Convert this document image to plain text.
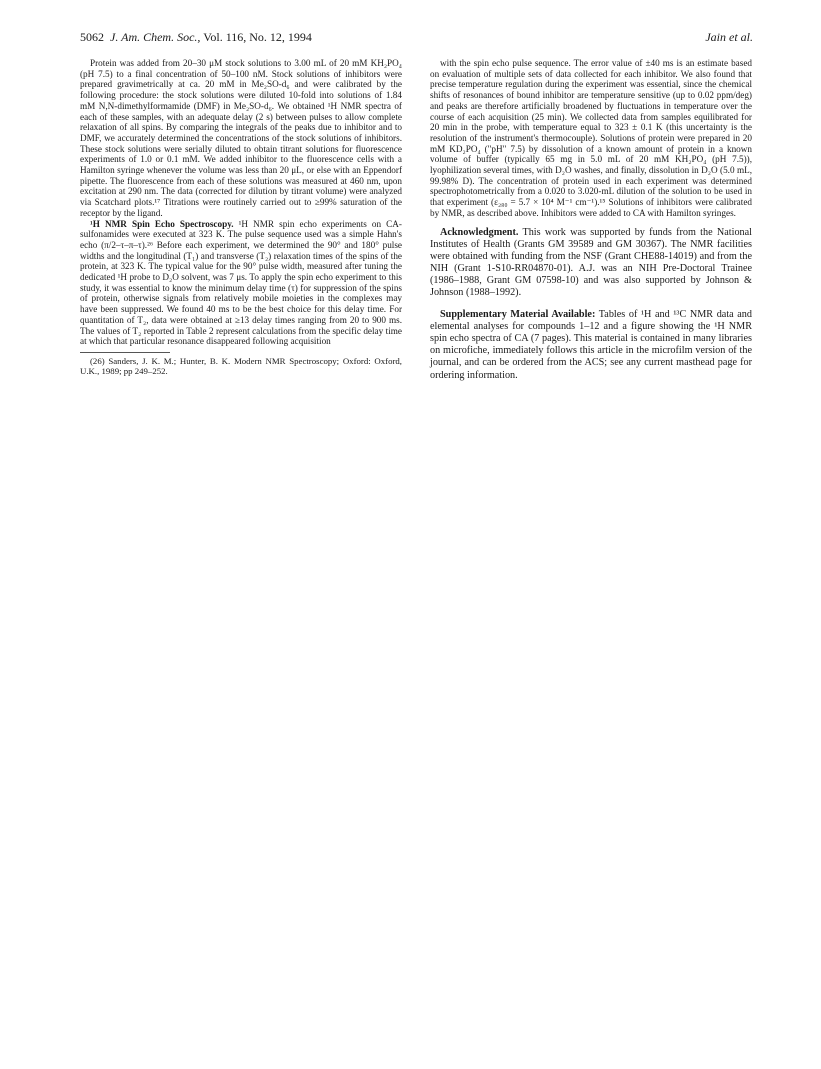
5062 J. Am. Chem. Soc., Vol. 116, No. 12, 1994	Jain et al.

Protein was added from 20–30 μM stock solutions to 3.00 mL of 20 mM KH₂PO₄ (pH 7.5) to a final concentration of 50–100 nM. Stock solutions of inhibitors were prepared gravimetrically at ca. 20 mM in Me₂SO-d₆ and were calibrated by the following procedure: the stock solutions were diluted 10-fold into solutions of 1.84 mM N,N-dimethylformamide (DMF) in Me₂SO-d₆. We obtained ¹H NMR spectra of each of these samples, with an adequate delay (2 s) between pulses to allow complete relaxation of all spins. By comparing the integrals of the peaks due to inhibitor and to DMF, we accurately determined the concentrations of the stock solutions of inhibitors. These stock solutions were serially diluted to obtain titrant solutions for fluorescence experiments of 1.0 or 0.1 mM. We added inhibitor to the fluorescence cells with a Hamilton syringe whenever the volume was less than 20 μL, or else with an Eppendorf pipette. The fluorescence from each of these solutions was measured at 460 nm, upon excitation at 290 nm. The data (corrected for dilution by titrant volume) were analyzed via Scatchard plots.¹⁷ Titrations were routinely carried out to ≥99% saturation of the receptor by the ligand.

¹H NMR Spin Echo Spectroscopy. ¹H NMR spin echo experiments on CA-sulfonamides were executed at 323 K. The pulse sequence used was a simple Hahn's echo (π/2–τ–π–τ).²⁶ Before each experiment, we determined the 90° and 180° pulse widths and the longitudinal (T₁) and transverse (T₂) relaxation times of the spins of the protein, at 323 K. The typical value for the 90° pulse width, measured after tuning the dedicated ¹H probe to D₂O solvent, was 7 μs. To apply the spin echo experiment to this study, it was essential to know the minimum delay time (τ) for suppression of the spins of protein, otherwise signals from relatively mobile moieties in the complexes may have been suppressed. We found 40 ms to be the best choice for this delay time. For quantitation of T₂, data were obtained at ≥13 delay times ranging from 20 to 900 ms. The values of T₂ reported in Table 2 represent calculations from the specific delay time at which that particular resonance disappeared following acquisition

(26) Sanders, J. K. M.; Hunter, B. K. Modern NMR Spectroscopy; Oxford: Oxford, U.K., 1989; pp 249–252.

with the spin echo pulse sequence. The error value of ±40 ms is an estimate based on evaluation of multiple sets of data collected for each inhibitor. We also found that precise temperature regulation during the experiment was essential, since the chemical shifts of resonances of bound inhibitor are temperature sensitive (up to 0.02 ppm/deg) and peaks are therefore artificially broadened by fluctuations in temperature over the course of each acquisition (25 min). We collected data from samples equilibrated for 20 min in the probe, with temperature equal to 323 ± 0.1 K (this uncertainty is the resolution of the instrument's thermocouple). Solutions of protein were prepared in 20 mM KD₂PO₄ ("pH" 7.5) by dissolution of a known amount of protein in a known volume of buffer (typically 65 mg in 5.0 mL of 20 mM KH₂PO₄ (pH 7.5)), lyophilization several times, with D₂O washes, and finally, dissolution in D₂O (5.0 mL, 99.98% D). The concentration of protein used in each experiment was determined spectrophotometrically from a 0.020 to 3.020-mL dilution of the solution to be used in that experiment (ε₂₈₀ = 5.7 × 10⁴ M⁻¹ cm⁻¹).¹⁵ Solutions of inhibitors were calibrated by NMR, as described above. Inhibitors were added to CA with Hamilton syringes.

Acknowledgment. This work was supported by funds from the National Institutes of Health (Grants GM 39589 and GM 30367). The NMR facilities were obtained with funding from the NSF (Grant CHE88-14019) and from the NIH (Grant 1-S10-RR04870-01). A.J. was an NIH Pre-Doctoral Trainee (1986–1988, Grant GM 07598-10) and was also supported by Johnson & Johnson (1988–1992).

Supplementary Material Available: Tables of ¹H and ¹³C NMR data and elemental analyses for compounds 1–12 and a figure showing the ¹H NMR spin echo spectra of CA (7 pages). This material is contained in many libraries on microfiche, immediately follows this article in the microfilm version of the journal, and can be ordered from the ACS; see any current masthead page for ordering information.
